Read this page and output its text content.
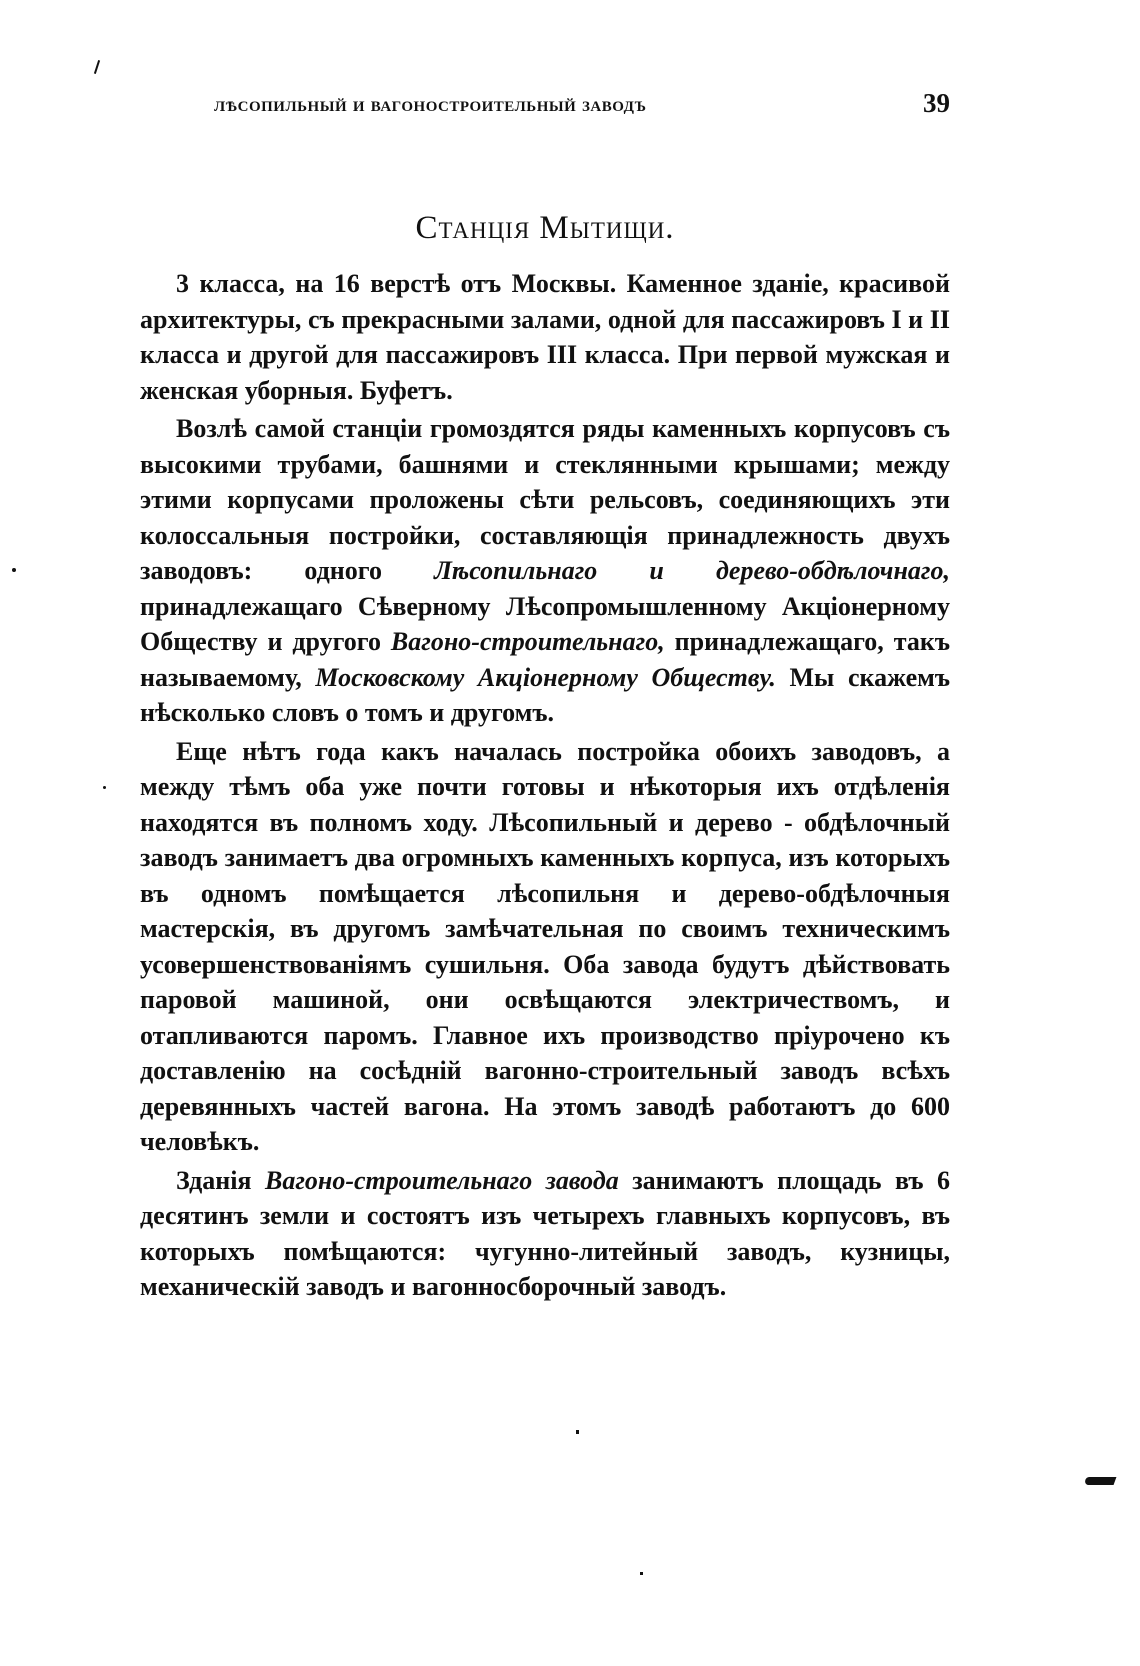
лѣсопильный и вагоностроительный заводъ	39
Станція Мытищи.

3 класса, на 16 верстѣ отъ Москвы. Каменное зданіе, красивой архитектуры, съ прекрасными залами, одной для пассажировъ I и II класса и другой для пассажировъ III класса. При первой мужская и женская уборныя. Буфетъ.

Возлѣ самой станціи громоздятся ряды каменныхъ корпусовъ съ высокими трубами, башнями и стеклянными крышами; между этими корпусами проложены сѣти рельсовъ, соединяющихъ эти колоссальныя постройки, составляющія принадлежность двухъ заводовъ: одного Лѣсопильнаго и дерево-обдѣлочнаго, принадлежащаго Сѣверному Лѣсопромышленному Акціонерному Обществу и другого Вагоно-строительнаго, принадлежащаго, такъ называемому, Московскому Акціонерному Обществу. Мы скажемъ нѣсколько словъ о томъ и другомъ.

Еще нѣтъ года какъ началась постройка обоихъ заводовъ, а между тѣмъ оба уже почти готовы и нѣкоторыя ихъ отдѣленія находятся въ полномъ ходу. Лѣсопильный и дерево - обдѣлочный заводъ занимаетъ два огромныхъ каменныхъ корпуса, изъ которыхъ въ одномъ помѣщается лѣсопильня и дерево-обдѣлочныя мастерскія, въ другомъ замѣчательная по своимъ техническимъ усовершенствованіямъ сушильня. Оба завода будутъ дѣйствовать паровой машиной, они освѣщаются электричествомъ, и отапливаются паромъ. Главное ихъ производство пріурочено къ доставленію на сосѣдній вагонно-строительный заводъ всѣхъ деревянныхъ частей вагона. На этомъ заводѣ работаютъ до 600 человѣкъ.

Зданія Вагоно-строительнаго завода занимаютъ площадь въ 6 десятинъ земли и состоятъ изъ четырехъ главныхъ корпусовъ, въ которыхъ помѣщаются: чугунно-литейный заводъ, кузницы, механическій заводъ и вагонносборочный заводъ.
